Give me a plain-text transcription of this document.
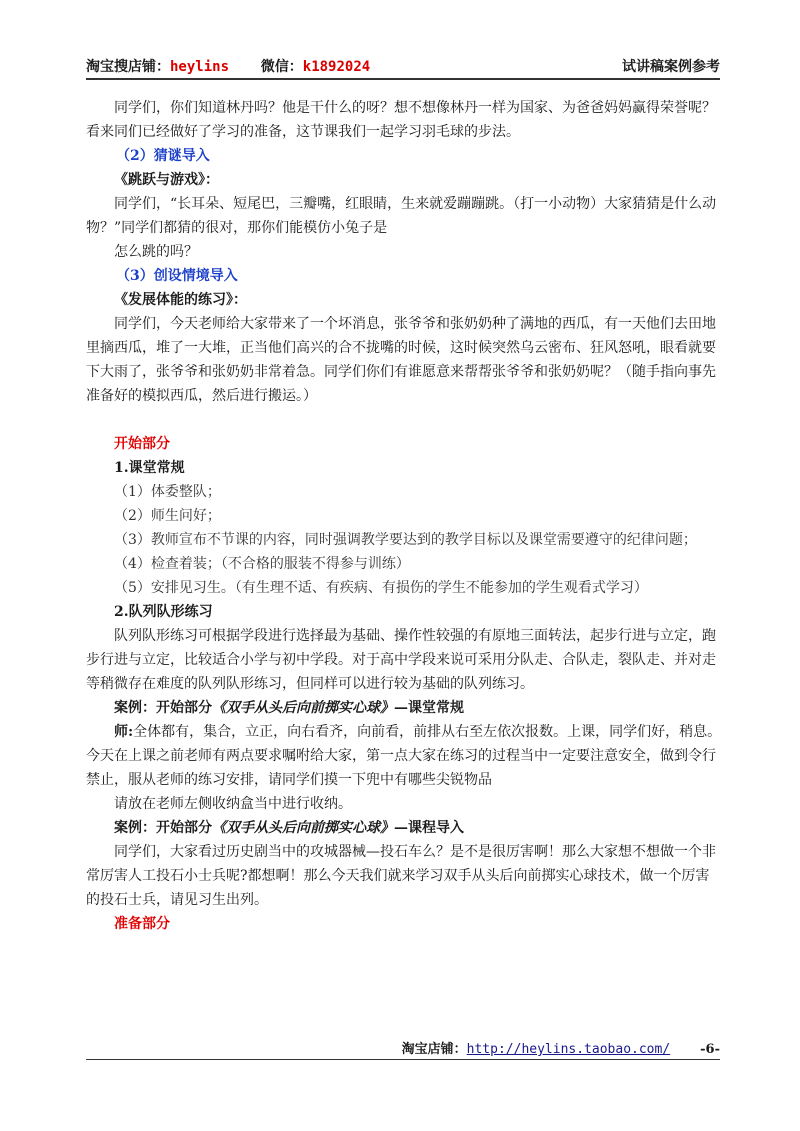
淘宝搜店铺：heylins 微信：k1892024	试讲稿案例参考

同学们，你们知道林丹吗？他是干什么的呀？想不想像林丹一样为国家、为爸爸妈妈赢得荣誉呢？看来同们已经做好了学习的准备，这节课我们一起学习羽毛球的步法。

（2）猜谜导入

《跳跃与游戏》：

同学们，“长耳朵、短尾巴，三瓣嘴，红眼睛，生来就爱蹦蹦跳。（打一小动物）大家猜猜是什么动物？”同学们都猜的很对，那你们能模仿小兔子是

怎么跳的吗？

（3）创设情境导入

《发展体能的练习》：

同学们，今天老师给大家带来了一个坏消息，张爷爷和张奶奶种了满地的西瓜，有一天他们去田地里摘西瓜，堆了一大堆，正当他们高兴的合不拢嘴的时候，这时候突然乌云密布、狂风怒吼，眼看就要下大雨了，张爷爷和张奶奶非常着急。同学们你们有谁愿意来帮帮张爷爷和张奶奶呢？（随手指向事先准备好的模拟西瓜，然后进行搬运。）

开始部分

1.课堂常规

（1）体委整队；

（2）师生问好；

（3）教师宣布不节课的内容，同时强调教学要达到的教学目标以及课堂需要遵守的纪律问题；

（4）检查着装；（不合格的服装不得参与训练）

（5）安排见习生。（有生理不适、有疾病、有损伤的学生不能参加的学生观看式学习）

2.队列队形练习

队列队形练习可根据学段进行选择最为基础、操作性较强的有原地三面转法，起步行进与立定，跑步行进与立定，比较适合小学与初中学段。对于高中学段来说可采用分队走、合队走，裂队走、并对走等稍微存在难度的队列队形练习，但同样可以进行较为基础的队列练习。

案例：开始部分《双手从头后向前掷实心球》—课堂常规

师:全体都有，集合，立正，向右看齐，向前看，前排从右至左依次报数。上课，同学们好，稍息。今天在上课之前老师有两点要求嘱咐给大家，第一点大家在练习的过程当中一定要注意安全，做到令行禁止，服从老师的练习安排，请同学们摸一下兜中有哪些尖锐物品

请放在老师左侧收纳盒当中进行收纳。

案例：开始部分《双手从头后向前掷实心球》—课程导入

同学们，大家看过历史剧当中的攻城器械—投石车么？是不是很厉害啊！那么大家想不想做一个非常厉害人工投石小士兵呢?都想啊！那么今天我们就来学习双手从头后向前掷实心球技术，做一个厉害的投石士兵，请见习生出列。

准备部分

淘宝店铺：http://heylins.taobao.com/ -6-
